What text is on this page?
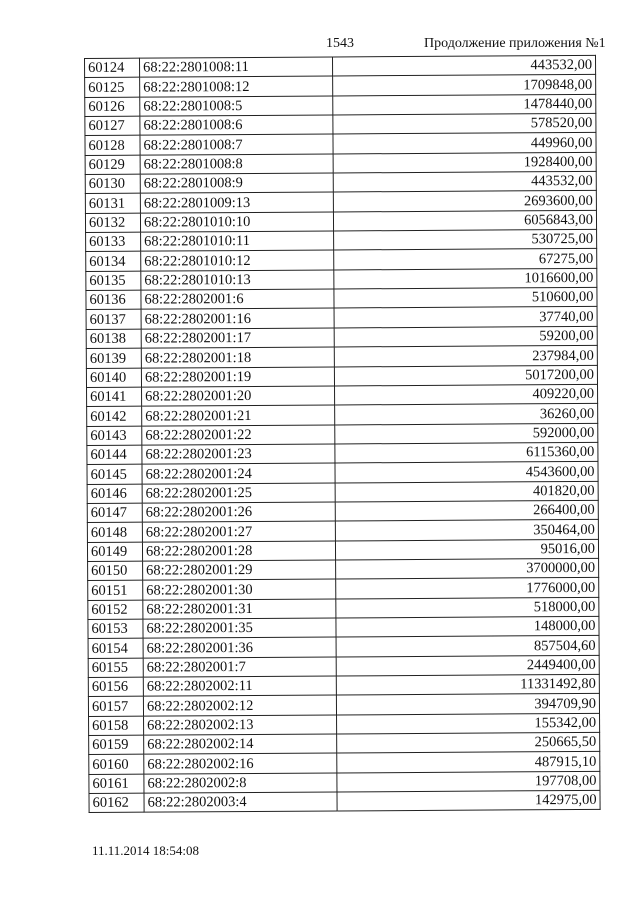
1543	Продолжение приложения №1
60124	68:22:2801008:11	443532,00
60125	68:22:2801008:12	1709848,00
60126	68:22:2801008:5	1478440,00
60127	68:22:2801008:6	578520,00
60128	68:22:2801008:7	449960,00
60129	68:22:2801008:8	1928400,00
60130	68:22:2801008:9	443532,00
60131	68:22:2801009:13	2693600,00
60132	68:22:2801010:10	6056843,00
60133	68:22:2801010:11	530725,00
60134	68:22:2801010:12	67275,00
60135	68:22:2801010:13	1016600,00
60136	68:22:2802001:6	510600,00
60137	68:22:2802001:16	37740,00
60138	68:22:2802001:17	59200,00
60139	68:22:2802001:18	237984,00
60140	68:22:2802001:19	5017200,00
60141	68:22:2802001:20	409220,00
60142	68:22:2802001:21	36260,00
60143	68:22:2802001:22	592000,00
60144	68:22:2802001:23	6115360,00
60145	68:22:2802001:24	4543600,00
60146	68:22:2802001:25	401820,00
60147	68:22:2802001:26	266400,00
60148	68:22:2802001:27	350464,00
60149	68:22:2802001:28	95016,00
60150	68:22:2802001:29	3700000,00
60151	68:22:2802001:30	1776000,00
60152	68:22:2802001:31	518000,00
60153	68:22:2802001:35	148000,00
60154	68:22:2802001:36	857504,60
60155	68:22:2802001:7	2449400,00
60156	68:22:2802002:11	11331492,80
60157	68:22:2802002:12	394709,90
60158	68:22:2802002:13	155342,00
60159	68:22:2802002:14	250665,50
60160	68:22:2802002:16	487915,10
60161	68:22:2802002:8	197708,00
60162	68:22:2802003:4	142975,00
11.11.2014 18:54:08
